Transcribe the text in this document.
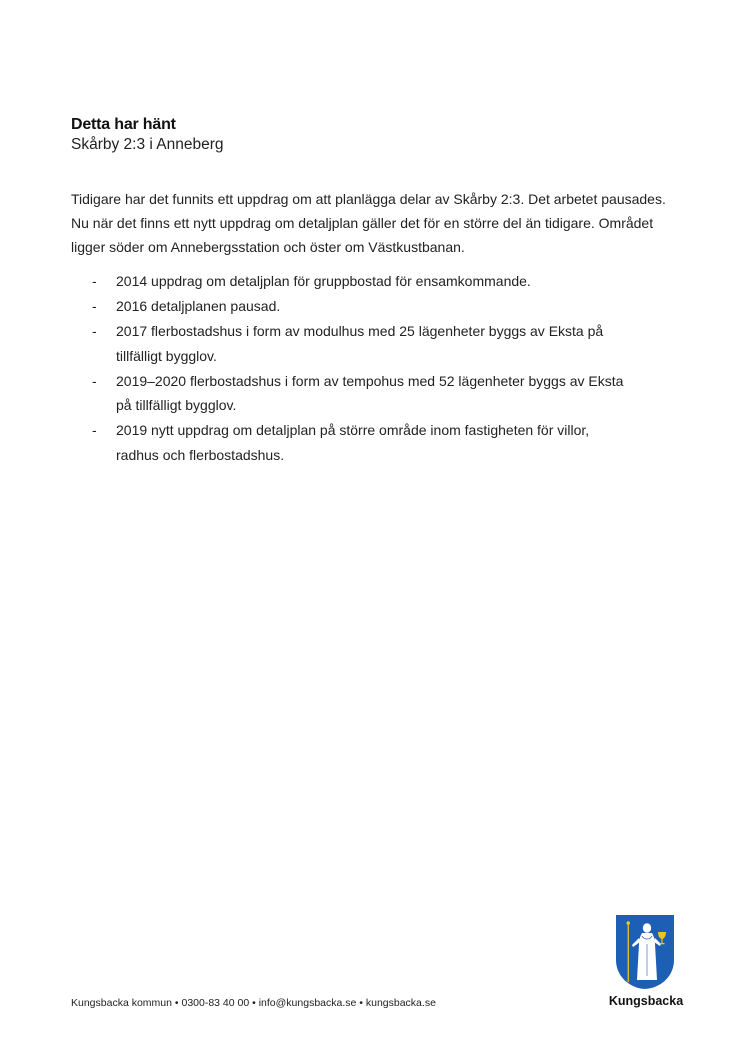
Detta har hänt
Skårby 2:3 i Anneberg

Tidigare har det funnits ett uppdrag om att planlägga delar av Skårby 2:3. Det arbetet pausades. Nu när det finns ett nytt uppdrag om detaljplan gäller det för en större del än tidigare. Området ligger söder om Annebergsstation och öster om Västkustbanan.

- 2014 uppdrag om detaljplan för gruppbostad för ensamkommande.
- 2016 detaljplanen pausad.
- 2017 flerbostadshus i form av modulhus med 25 lägenheter byggs av Eksta på tillfälligt bygglov.
- 2019–2020 flerbostadshus i form av tempohus med 52 lägenheter byggs av Eksta på tillfälligt bygglov.
- 2019 nytt uppdrag om detaljplan på större område inom fastigheten för villor, radhus och flerbostadshus.
Kungsbacka kommun • 0300-83 40 00 • info@kungsbacka.se • kungsbacka.se	Kungsbacka
